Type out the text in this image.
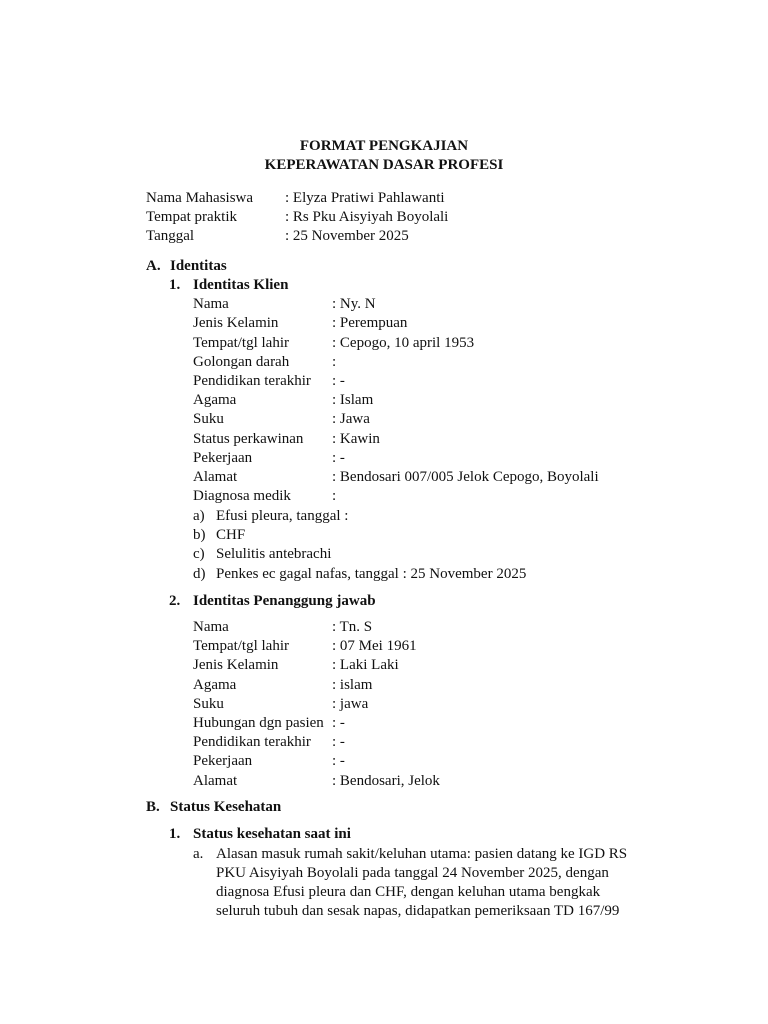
FORMAT PENGKAJIAN
KEPERAWATAN DASAR PROFESI
Nama Mahasiswa : Elyza Pratiwi Pahlawanti
Tempat praktik	: Rs Pku Aisyiyah Boyolali
Tanggal	: 25 November 2025
A. Identitas
1. Identitas Klien
Nama	: Ny. N
Jenis Kelamin	: Perempuan
Tempat/tgl lahir	: Cepogo, 10 april 1953
Golongan darah	:
Pendidikan terakhir : -
Agama	: Islam
Suku	: Jawa
Status perkawinan : Kawin
Pekerjaan	: -
Alamat	: Bendosari 007/005 Jelok Cepogo, Boyolali
Diagnosa medik	:
a) Efusi pleura, tanggal :
b) CHF
c) Selulitis antebrachi
d) Penkes ec gagal nafas, tanggal : 25 November 2025
2. Identitas Penanggung jawab
Nama	: Tn. S
Tempat/tgl lahir	: 07 Mei 1961
Jenis Kelamin	: Laki Laki
Agama	: islam
Suku	: jawa
Hubungan dgn pasien : -
Pendidikan terakhir : -
Pekerjaan	: -
Alamat	: Bendosari, Jelok
B. Status Kesehatan
1. Status kesehatan saat ini
a. Alasan masuk rumah sakit/keluhan utama: pasien datang ke IGD RS
PKU Aisyiyah Boyolali pada tanggal 24 November 2025, dengan
diagnosa Efusi pleura dan CHF, dengan keluhan utama bengkak
seluruh tubuh dan sesak napas, didapatkan pemeriksaan TD 167/99
